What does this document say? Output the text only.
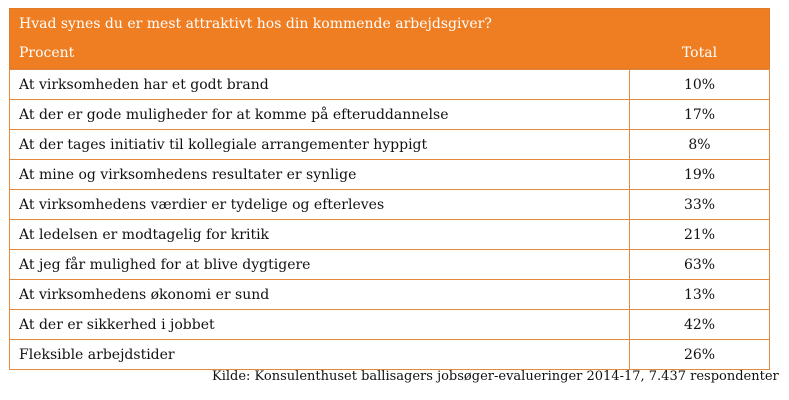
Hvad synes du er mest attraktivt hos din kommende arbejdsgiver?
Procent	Total
At virksomheden har et godt brand	10%
At der er gode muligheder for at komme på efteruddannelse	17%
At der tages initiativ til kollegiale arrangementer hyppigt	8%
At mine og virksomhedens resultater er synlige	19%
At virksomhedens værdier er tydelige og efterleves	33%
At ledelsen er modtagelig for kritik	21%
At jeg får mulighed for at blive dygtigere	63%
At virksomhedens økonomi er sund	13%
At der er sikkerhed i jobbet	42%
Fleksible arbejdstider	26%
Kilde: Konsulenthuset ballisagers jobsøger-evalueringer 2014-17, 7.437 respondenter
